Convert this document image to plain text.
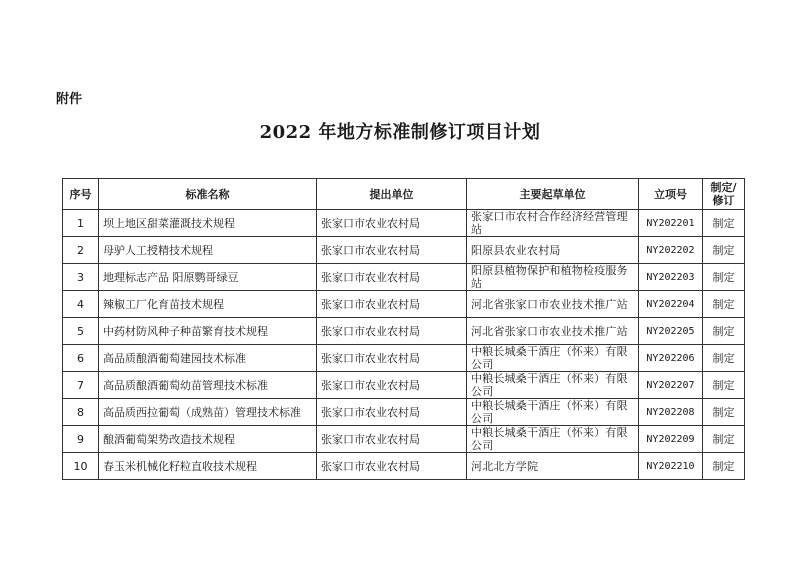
附件
2022 年地方标准制修订项目计划
序号	标准名称	提出单位	主要起草单位	立项号	制定/修订
1	坝上地区甜菜灌溉技术规程	张家口市农业农村局	张家口市农村合作经济经营管理站	NY202201	制定
2	母驴人工授精技术规程	张家口市农业农村局	阳原县农业农村局	NY202202	制定
3	地理标志产品 阳原鹦哥绿豆	张家口市农业农村局	阳原县植物保护和植物检疫服务站	NY202203	制定
4	辣椒工厂化育苗技术规程	张家口市农业农村局	河北省张家口市农业技术推广站	NY202204	制定
5	中药材防风种子种苗繁育技术规程	张家口市农业农村局	河北省张家口市农业技术推广站	NY202205	制定
6	高品质酿酒葡萄建园技术标准	张家口市农业农村局	中粮长城桑干酒庄（怀来）有限公司	NY202206	制定
7	高品质酿酒葡萄幼苗管理技术标准	张家口市农业农村局	中粮长城桑干酒庄（怀来）有限公司	NY202207	制定
8	高品质西拉葡萄（成熟苗）管理技术标准	张家口市农业农村局	中粮长城桑干酒庄（怀来）有限公司	NY202208	制定
9	酿酒葡萄架势改造技术规程	张家口市农业农村局	中粮长城桑干酒庄（怀来）有限公司	NY202209	制定
10	春玉米机械化籽粒直收技术规程	张家口市农业农村局	河北北方学院	NY202210	制定
